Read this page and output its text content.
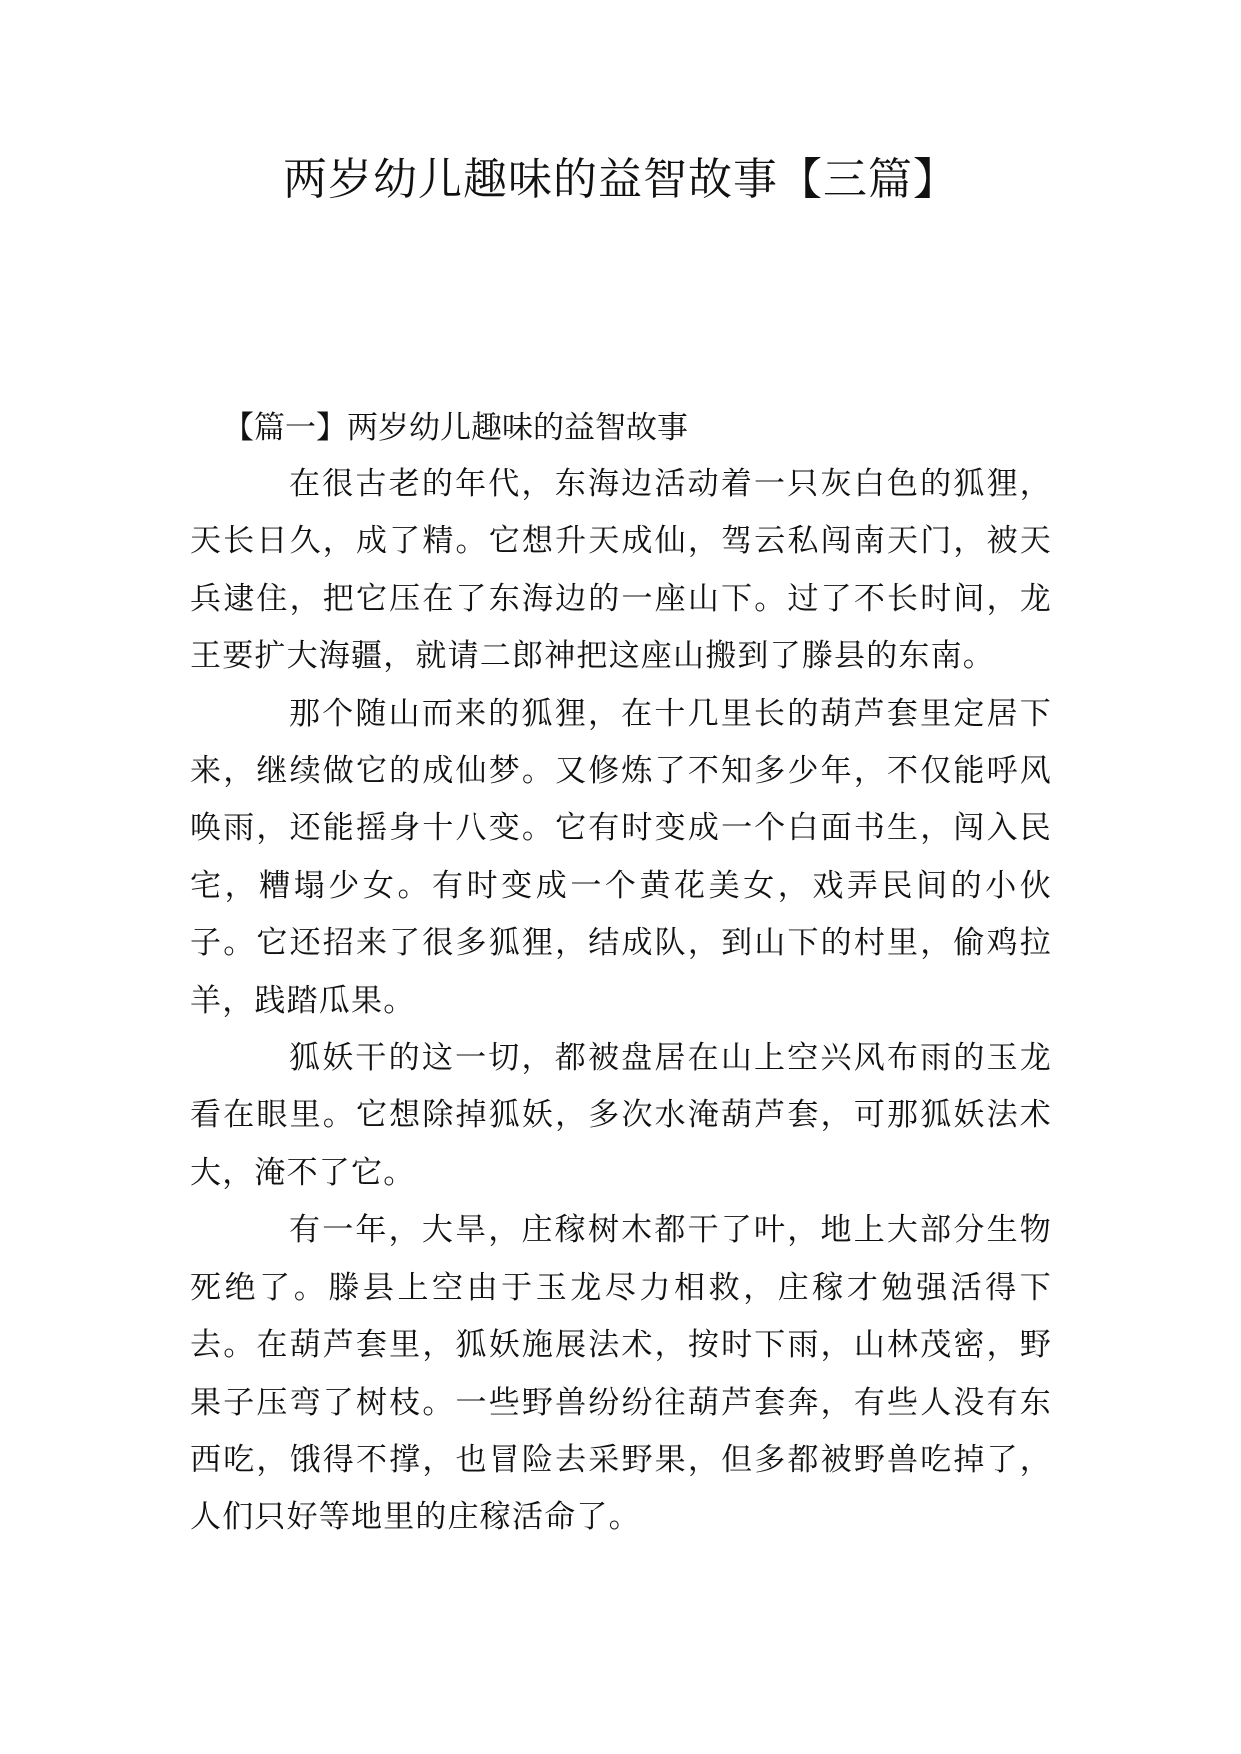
两岁幼儿趣味的益智故事【三篇】

【篇一】两岁幼儿趣味的益智故事

在很古老的年代，东海边活动着一只灰白色的狐狸，天长日久，成了精。它想升天成仙，驾云私闯南天门，被天兵逮住，把它压在了东海边的一座山下。过了不长时间，龙王要扩大海疆，就请二郎神把这座山搬到了滕县的东南。

那个随山而来的狐狸，在十几里长的葫芦套里定居下来，继续做它的成仙梦。又修炼了不知多少年，不仅能呼风唤雨，还能摇身十八变。它有时变成一个白面书生，闯入民宅，糟塌少女。有时变成一个黄花美女，戏弄民间的小伙子。它还招来了很多狐狸，结成队，到山下的村里，偷鸡拉羊，践踏瓜果。

狐妖干的这一切，都被盘居在山上空兴风布雨的玉龙看在眼里。它想除掉狐妖，多次水淹葫芦套，可那狐妖法术大，淹不了它。

有一年，大旱，庄稼树木都干了叶，地上大部分生物死绝了。滕县上空由于玉龙尽力相救，庄稼才勉强活得下去。在葫芦套里，狐妖施展法术，按时下雨，山林茂密，野果子压弯了树枝。一些野兽纷纷往葫芦套奔，有些人没有东西吃，饿得不撑，也冒险去采野果，但多都被野兽吃掉了，人们只好等地里的庄稼活命了。
